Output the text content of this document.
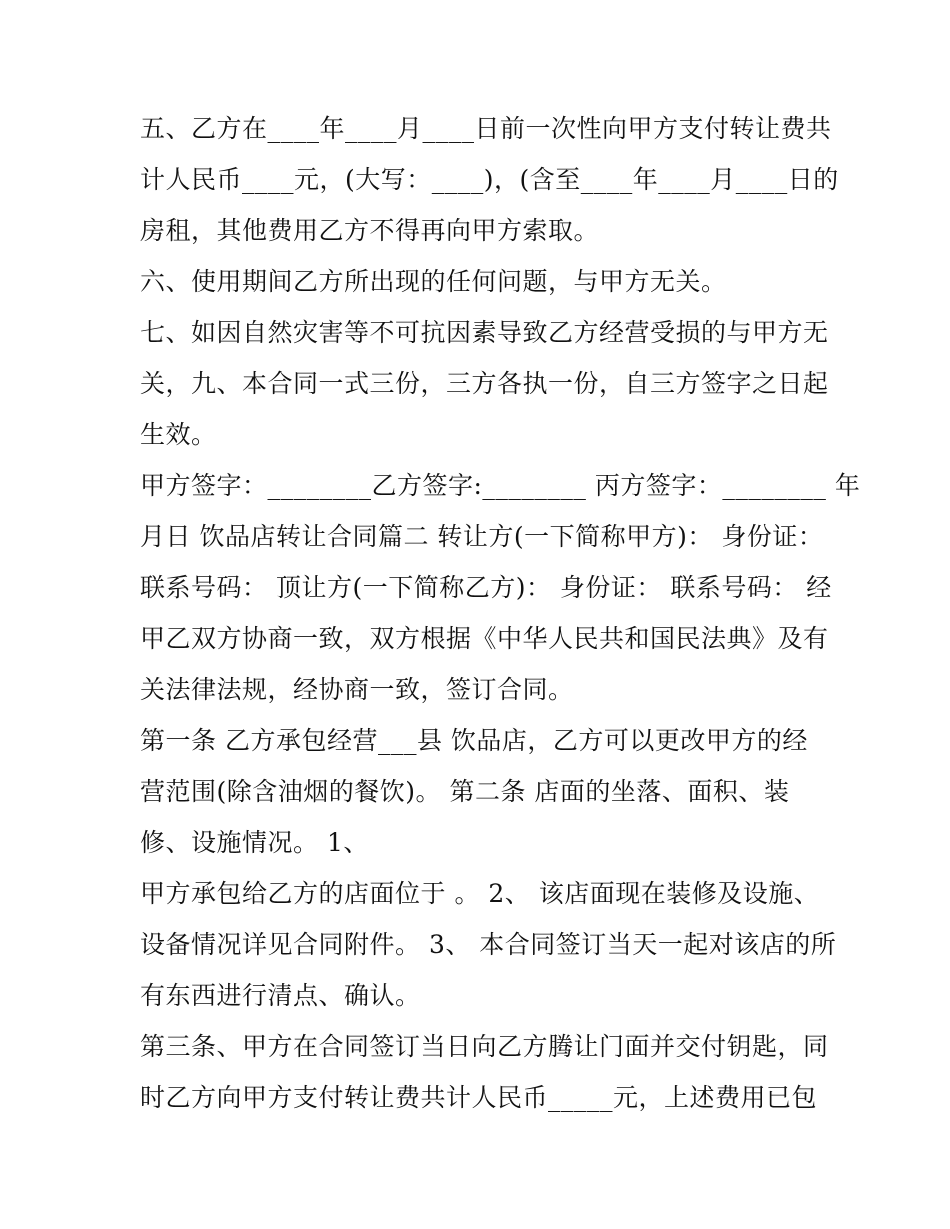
五、乙方在____年____月____日前一次性向甲方支付转让费共
计人民币____元，(大写：____)，(含至____年____月____日的
房租，其他费用乙方不得再向甲方索取。
六、使用期间乙方所出现的任何问题，与甲方无关。
七、如因自然灾害等不可抗因素导致乙方经营受损的与甲方无
关，九、本合同一式三份，三方各执一份，自三方签字之日起
生效。
甲方签字：________乙方签字:________ 丙方签字：________ 年
月日 饮品店转让合同篇二 转让方(一下简称甲方)： 身份证：
联系号码： 顶让方(一下简称乙方)： 身份证： 联系号码： 经
甲乙双方协商一致，双方根据《中华人民共和国民法典》及有
关法律法规，经协商一致，签订合同。
第一条 乙方承包经营___县 饮品店，乙方可以更改甲方的经
营范围(除含油烟的餐饮)。 第二条 店面的坐落、面积、装
修、设施情况。 1、
甲方承包给乙方的店面位于 。 2、 该店面现在装修及设施、
设备情况详见合同附件。 3、 本合同签订当天一起对该店的所
有东西进行清点、确认。
第三条、甲方在合同签订当日向乙方腾让门面并交付钥匙，同
时乙方向甲方支付转让费共计人民币_____元，上述费用已包
